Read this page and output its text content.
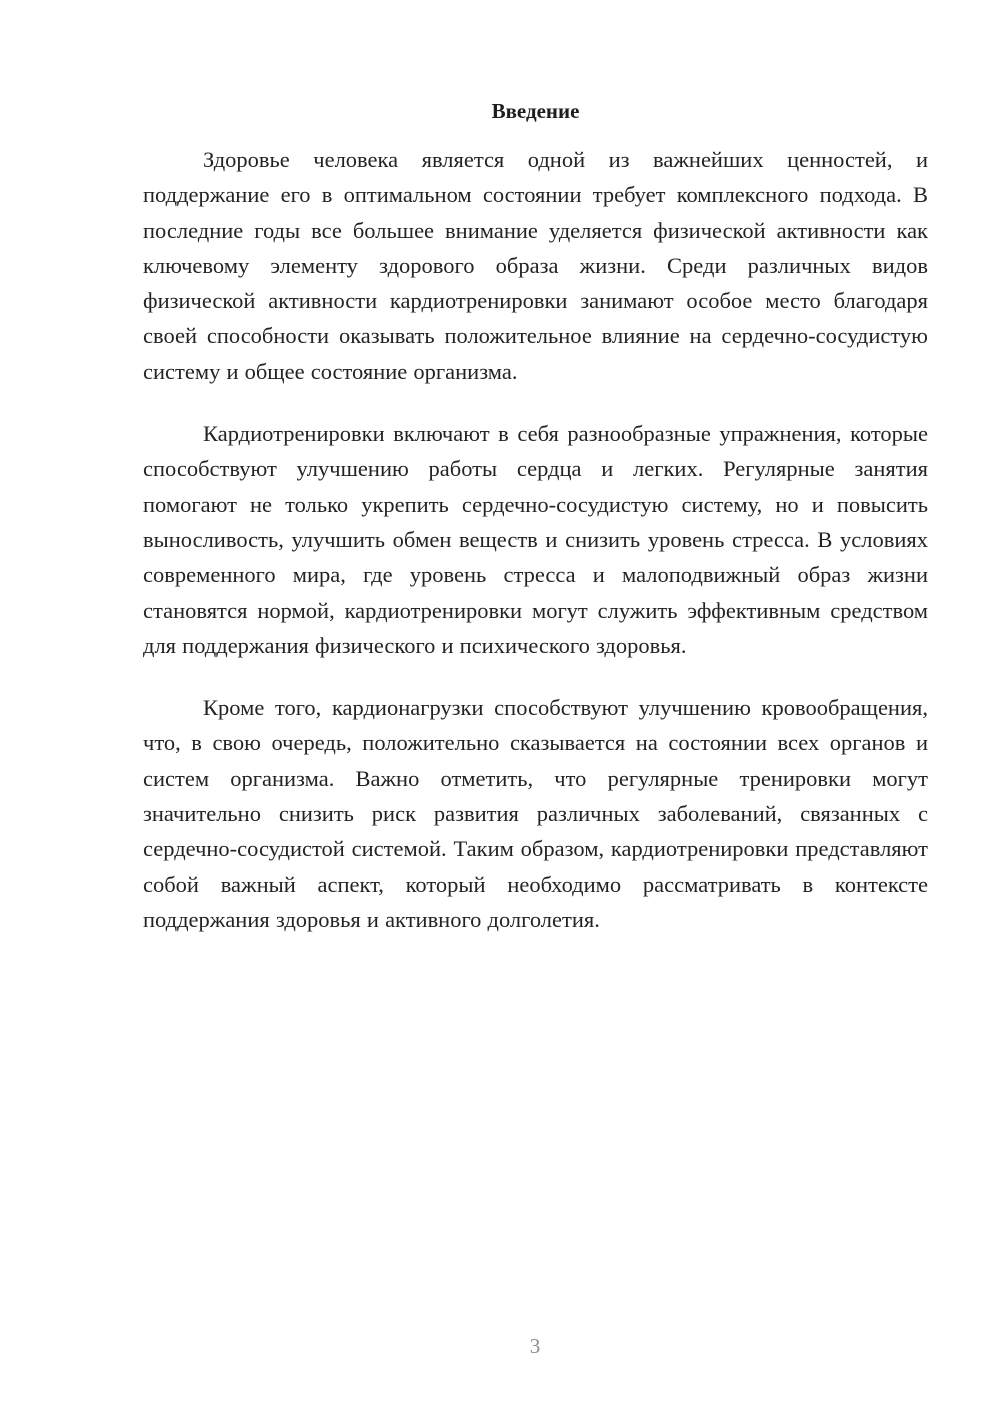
Введение

Здоровье человека является одной из важнейших ценностей, и поддержание его в оптимальном состоянии требует комплексного подхода. В последние годы все большее внимание уделяется физической активности как ключевому элементу здорового образа жизни. Среди различных видов физической активности кардиотренировки занимают особое место благодаря своей способности оказывать положительное влияние на сердечно-сосудистую систему и общее состояние организма.

Кардиотренировки включают в себя разнообразные упражнения, которые способствуют улучшению работы сердца и легких. Регулярные занятия помогают не только укрепить сердечно-сосудистую систему, но и повысить выносливость, улучшить обмен веществ и снизить уровень стресса. В условиях современного мира, где уровень стресса и малоподвижный образ жизни становятся нормой, кардиотренировки могут служить эффективным средством для поддержания физического и психического здоровья.

Кроме того, кардионагрузки способствуют улучшению кровообращения, что, в свою очередь, положительно сказывается на состоянии всех органов и систем организма. Важно отметить, что регулярные тренировки могут значительно снизить риск развития различных заболеваний, связанных с сердечно-сосудистой системой. Таким образом, кардиотренировки представляют собой важный аспект, который необходимо рассматривать в контексте поддержания здоровья и активного долголетия.

3
